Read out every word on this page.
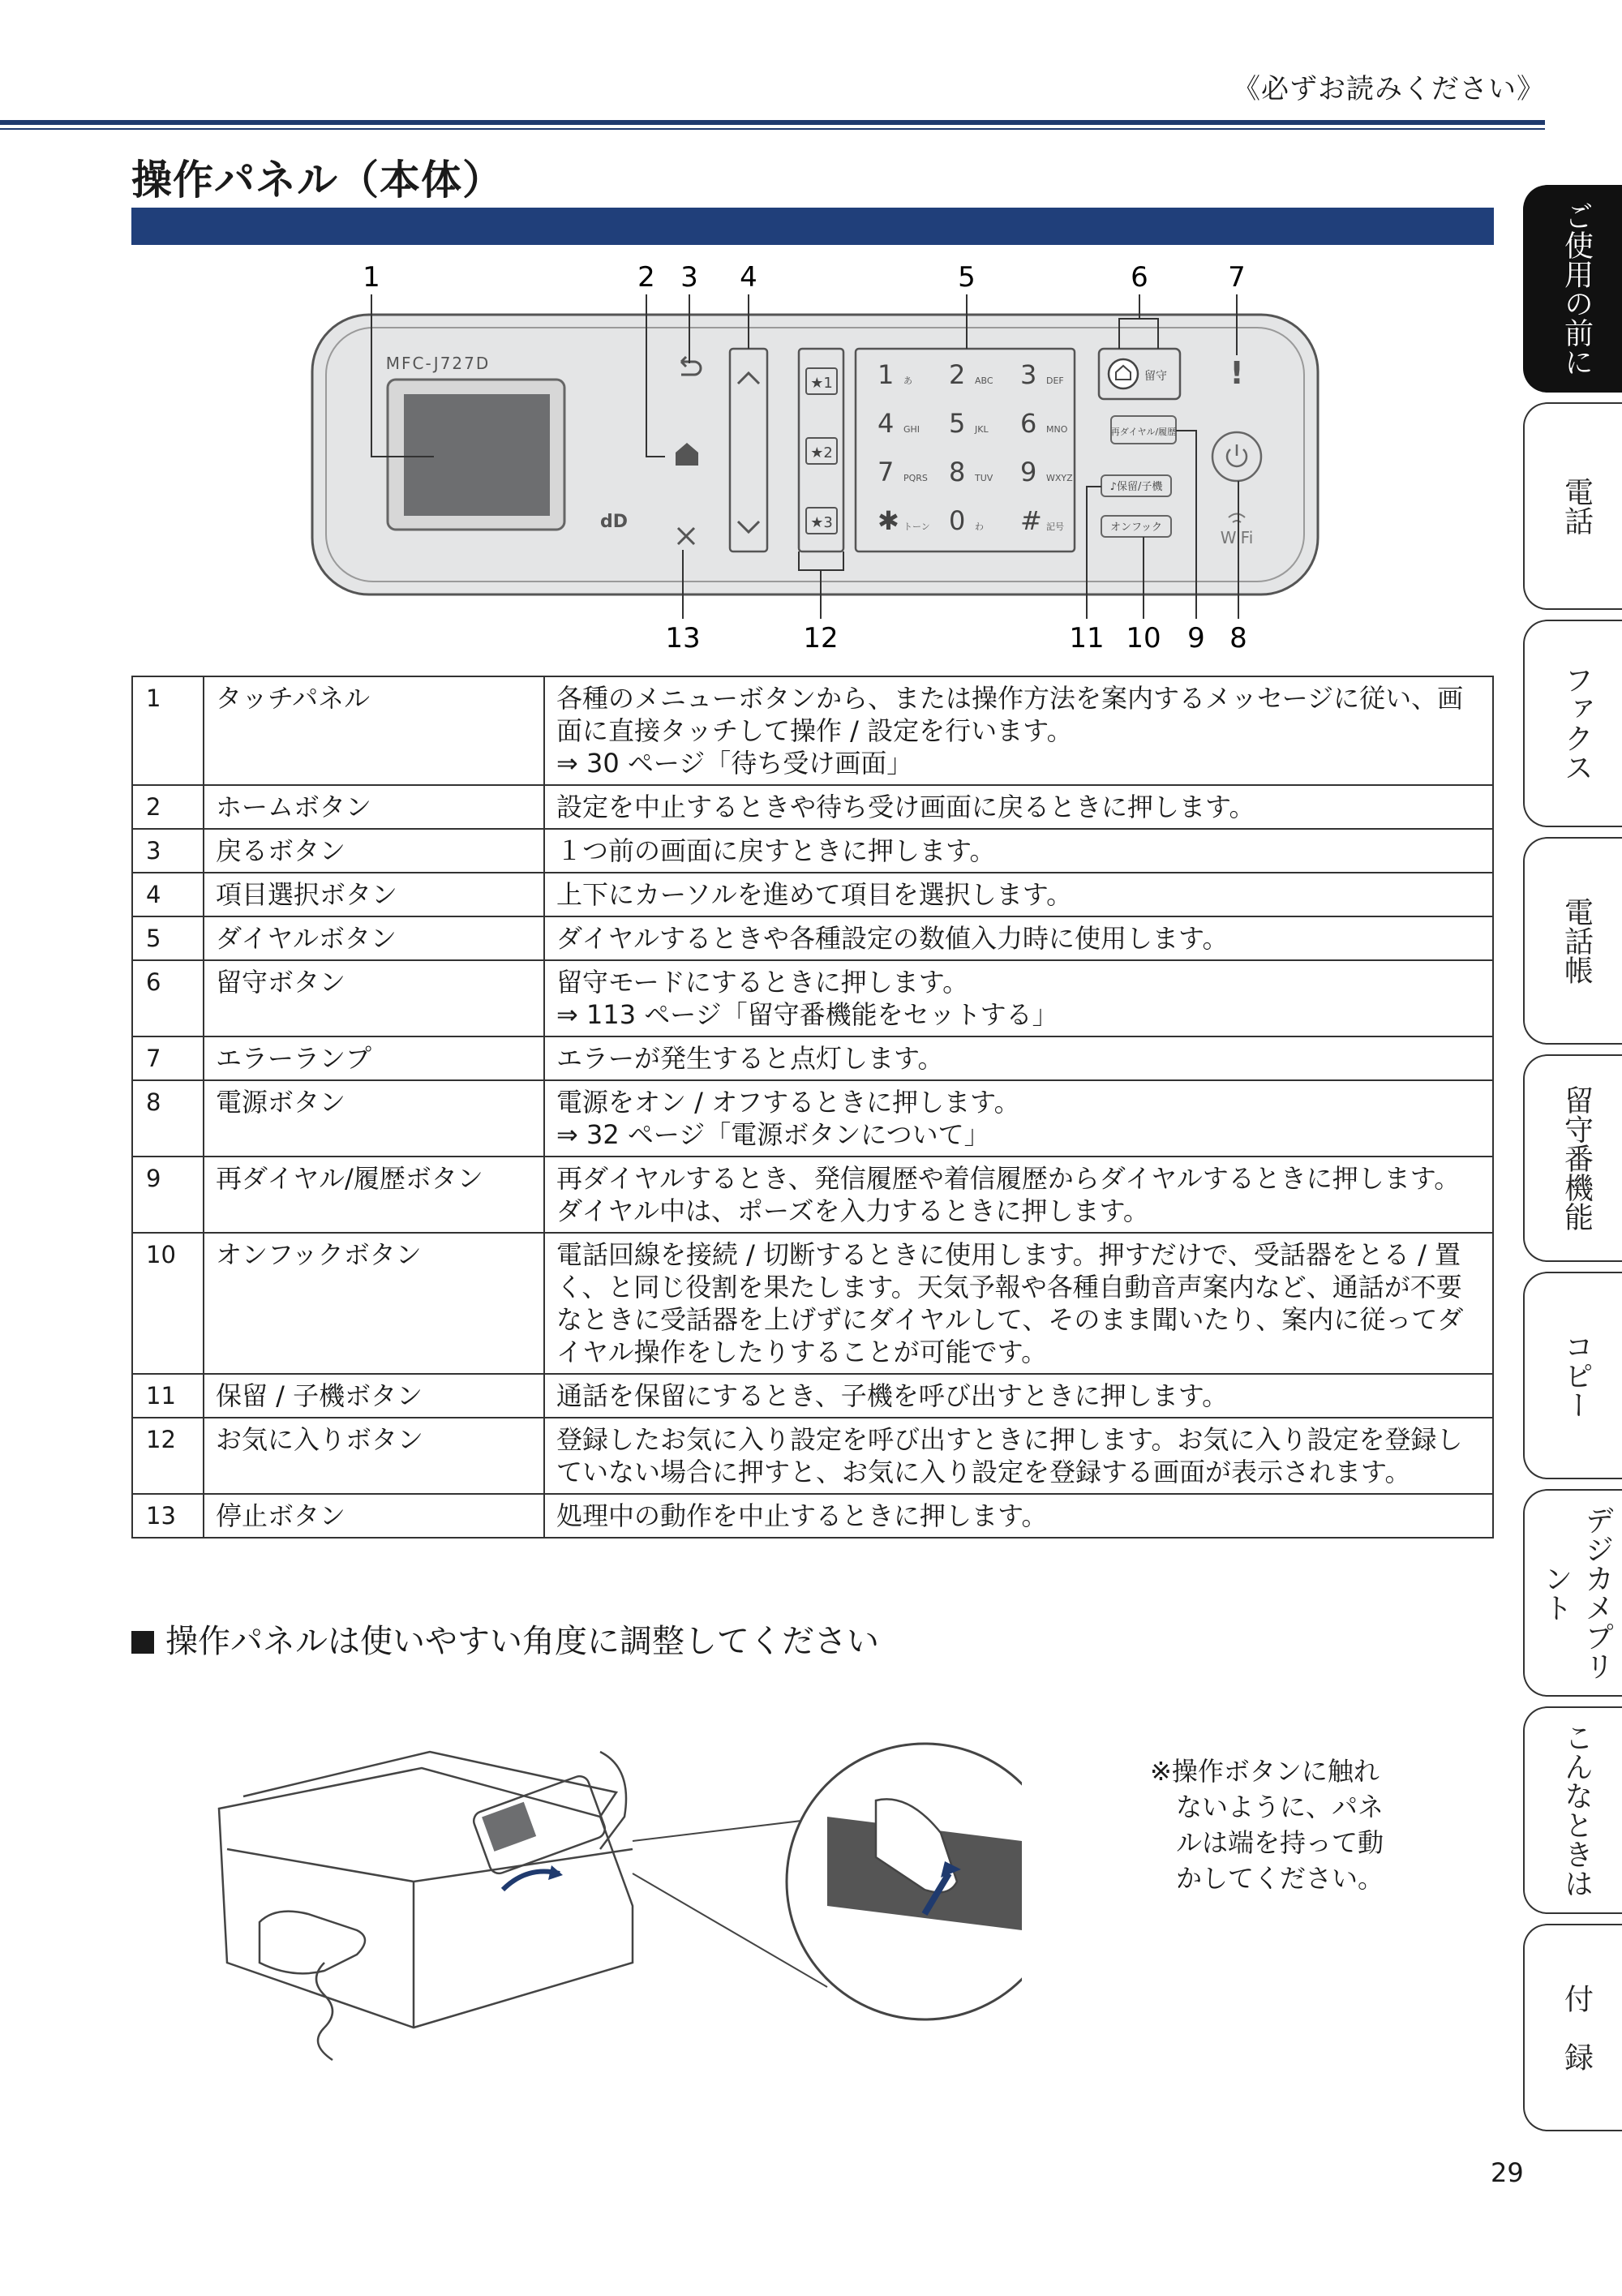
《必ずお読みください》
操作パネル（本体）
1	2 3 4	5	6	7
13	12	11 10 9 8
MFC-J727D
dD
★1
★2
★3
1 あ 2 ABC 3 DEF
4 GHI 5 JKL 6 MNO
7 PQRS 8 TUV 9 WXYZ
✱ トーン 0 わ # 記号
留守 !
再ダイヤル/履歴
♪保留/子機
オンフック
WiFi
1	タッチパネル	各種のメニューボタンから、または操作方法を案内するメッセージに従い、画面に直接タッチして操作 / 設定を行います。
⇒ 30 ページ「待ち受け画面」
2	ホームボタン	設定を中止するときや待ち受け画面に戻るときに押します。
3	戻るボタン	１つ前の画面に戻すときに押します。
4	項目選択ボタン	上下にカーソルを進めて項目を選択します。
5	ダイヤルボタン	ダイヤルするときや各種設定の数値入力時に使用します。
6	留守ボタン	留守モードにするときに押します。
⇒ 113 ページ「留守番機能をセットする」
7	エラーランプ	エラーが発生すると点灯します。
8	電源ボタン	電源をオン / オフするときに押します。
⇒ 32 ページ「電源ボタンについて」
9	再ダイヤル/履歴ボタン	再ダイヤルするとき、発信履歴や着信履歴からダイヤルするときに押します。ダイヤル中は、ポーズを入力するときに押します。
10	オンフックボタン	電話回線を接続 / 切断するときに使用します。押すだけで、受話器をとる / 置く、と同じ役割を果たします。天気予報や各種自動音声案内など、通話が不要なときに受話器を上げずにダイヤルして、そのまま聞いたり、案内に従ってダイヤル操作をしたりすることが可能です。
11	保留 / 子機ボタン	通話を保留にするとき、子機を呼び出すときに押します。
12	お気に入りボタン	登録したお気に入り設定を呼び出すときに押します。お気に入り設定を登録していない場合に押すと、お気に入り設定を登録する画面が表示されます。
13	停止ボタン	処理中の動作を中止するときに押します。
操作パネルは使いやすい角度に調整してください
※操作ボタンに触れ
　ないように、パネ
　ルは端を持って動
　かしてください。
ご使用の前に
電話
ファクス
電話帳
留守番機能
コピー
デジカメプリント
こんなときは
付　録
29
